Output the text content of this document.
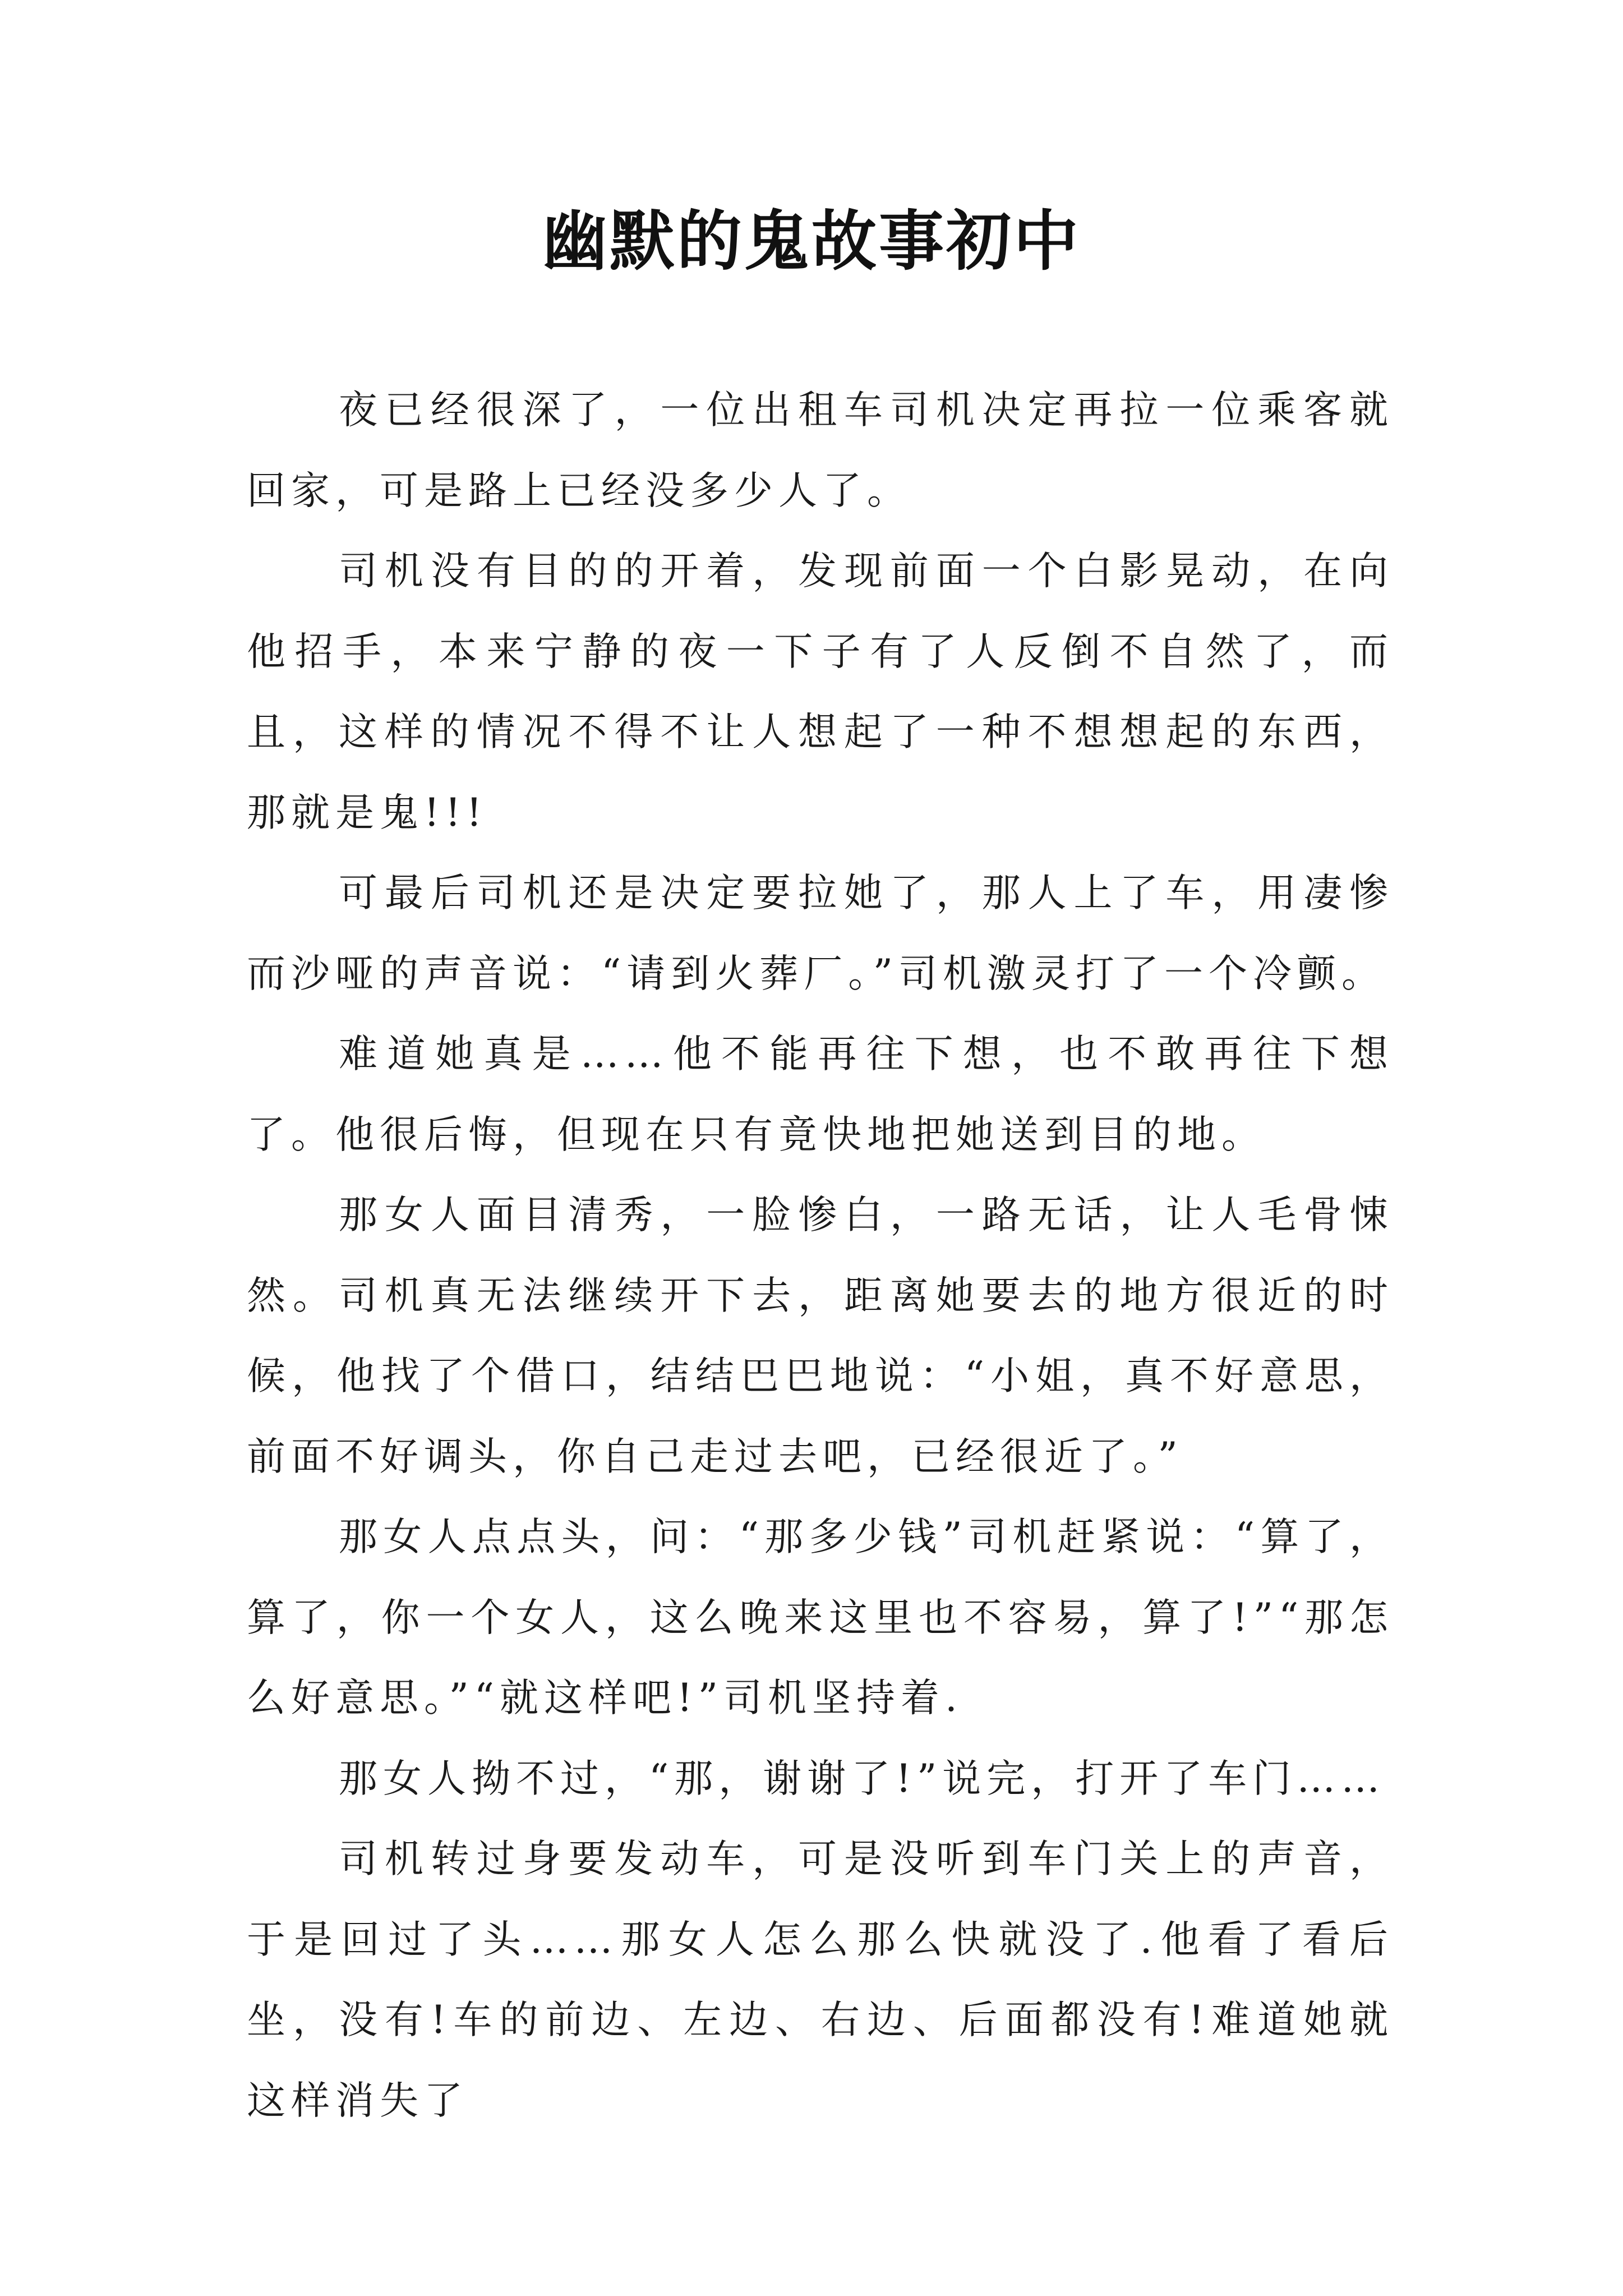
幽默的鬼故事初中

夜已经很深了，一位出租车司机决定再拉一位乘客就回家，可是路上已经没多少人了。

司机没有目的的开着，发现前面一个白影晃动，在向他招手，本来宁静的夜一下子有了人反倒不自然了，而且，这样的情况不得不让人想起了一种不想想起的东西，那就是鬼!!!

可最后司机还是决定要拉她了，那人上了车，用凄惨而沙哑的声音说：“请到火葬厂。”司机激灵打了一个冷颤。

难道她真是……他不能再往下想，也不敢再往下想了。他很后悔，但现在只有竟快地把她送到目的地。

那女人面目清秀，一脸惨白，一路无话，让人毛骨悚然。司机真无法继续开下去，距离她要去的地方很近的时候，他找了个借口，结结巴巴地说：“小姐，真不好意思，前面不好调头，你自己走过去吧，已经很近了。”

那女人点点头，问：“那多少钱”司机赶紧说：“算了，算了，你一个女人，这么晚来这里也不容易，算了!”“那怎么好意思。”“就这样吧!”司机坚持着.

那女人拗不过，“那，谢谢了!”说完，打开了车门……

司机转过身要发动车，可是没听到车门关上的声音，于是回过了头……那女人怎么那么快就没了.他看了看后坐，没有!车的前边、左边、右边、后面都没有!难道她就这样消失了
